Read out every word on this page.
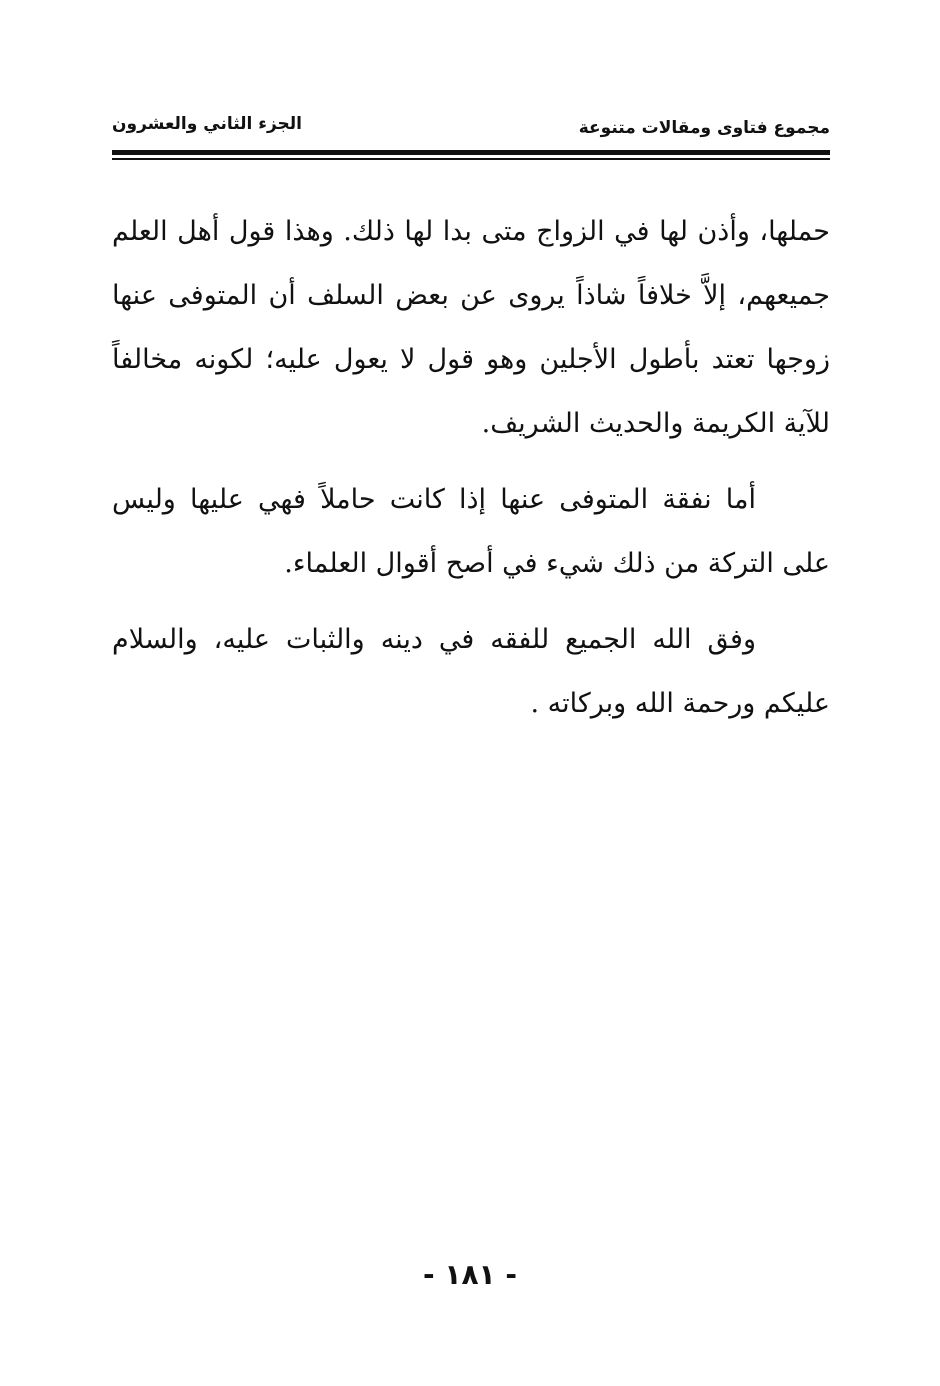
مجموع فتاوى ومقالات متنوعة
الجزء الثاني والعشرون

حملها، وأذن لها في الزواج متى بدا لها ذلك. وهذا قول أهل العلم جميعهم، إلاَّ خلافاً شاذاً يروى عن بعض السلف أن المتوفى عنها زوجها تعتد بأطول الأجلين وهو قول لا يعول عليه؛ لكونه مخالفاً للآية الكريمة والحديث الشريف.

أما نفقة المتوفى عنها إذا كانت حاملاً فهي عليها وليس على التركة من ذلك شيء في أصح أقوال العلماء.

وفق الله الجميع للفقه في دينه والثبات عليه، والسلام عليكم ورحمة الله وبركاته .

- ١٨١ -
